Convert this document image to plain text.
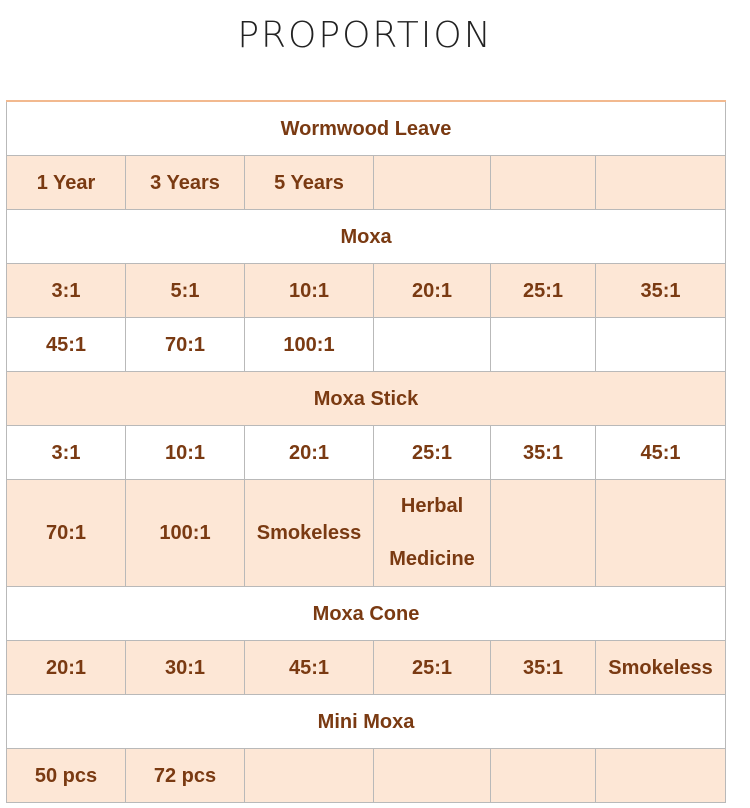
PROPORTION
Wormwood Leave					
1 Year	3 Years	5 Years			
Moxa					
3:1	5:1	10:1	20:1	25:1	35:1
45:1	70:1	100:1			
Moxa Stick					
3:1	10:1	20:1	25:1	35:1	45:1
70:1	100:1	Smokeless	Herbal Medicine		
Moxa Cone					
20:1	30:1	45:1	25:1	35:1	Smokeless
Mini Moxa					
50 pcs	72 pcs				
